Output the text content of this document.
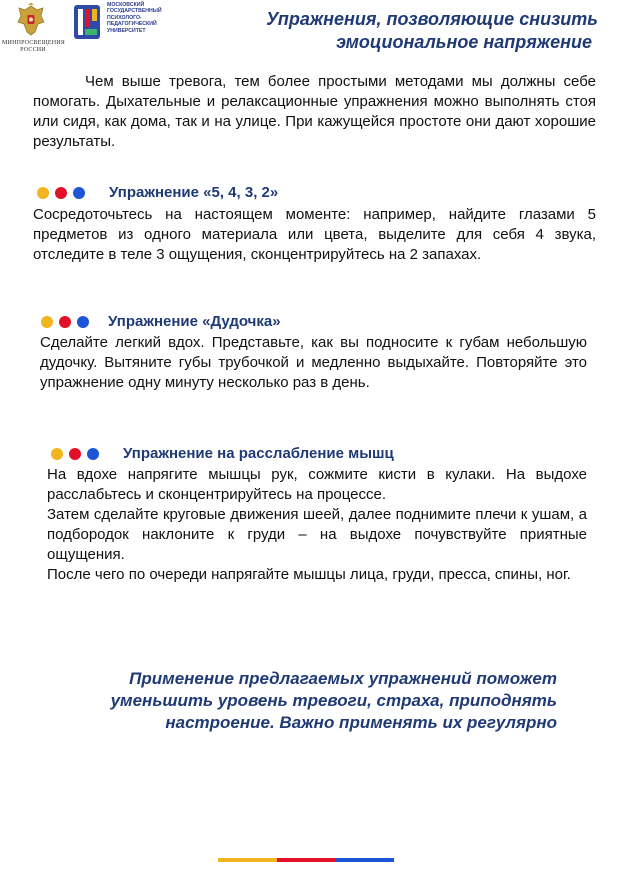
МИНПРОСВЕЩЕНИЯ РОССИИ
МОСКОВСКИЙ ГОСУДАРСТВЕННЫЙ ПСИХОЛОГО-ПЕДАГОГИЧЕСКИЙ УНИВЕРСИТЕТ
Упражнения, позволяющие снизить
эмоциональное напряжение
Чем выше тревога, тем более простыми методами мы должны себе помогать. Дыхательные и релаксационные упражнения можно выполнять стоя или сидя, как дома, так и на улице. При кажущейся простоте они дают хорошие результаты.
Упражнение «5, 4, 3, 2»
Сосредоточьтесь на настоящем моменте: например, найдите глазами 5 предметов из одного материала или цвета, выделите для себя 4 звука, отследите в теле 3 ощущения, сконцентрируйтесь на 2 запахах.
Упражнение «Дудочка»
Сделайте легкий вдох. Представьте, как вы подносите к губам небольшую дудочку. Вытяните губы трубочкой и медленно выдыхайте. Повторяйте это упражнение одну минуту несколько раз в день.
Упражнение на расслабление мышц
На вдохе напрягите мышцы рук, сожмите кисти в кулаки. На выдохе расслабьтесь и сконцентрируйтесь на процессе.
Затем сделайте круговые движения шеей, далее поднимите плечи к ушам, а подбородок наклоните к груди – на выдохе почувствуйте приятные ощущения.
После чего по очереди напрягайте мышцы лица, груди, пресса, спины, ног.
Применение предлагаемых упражнений поможет
уменьшить уровень тревоги, страха, приподнять
настроение. Важно применять их регулярно
